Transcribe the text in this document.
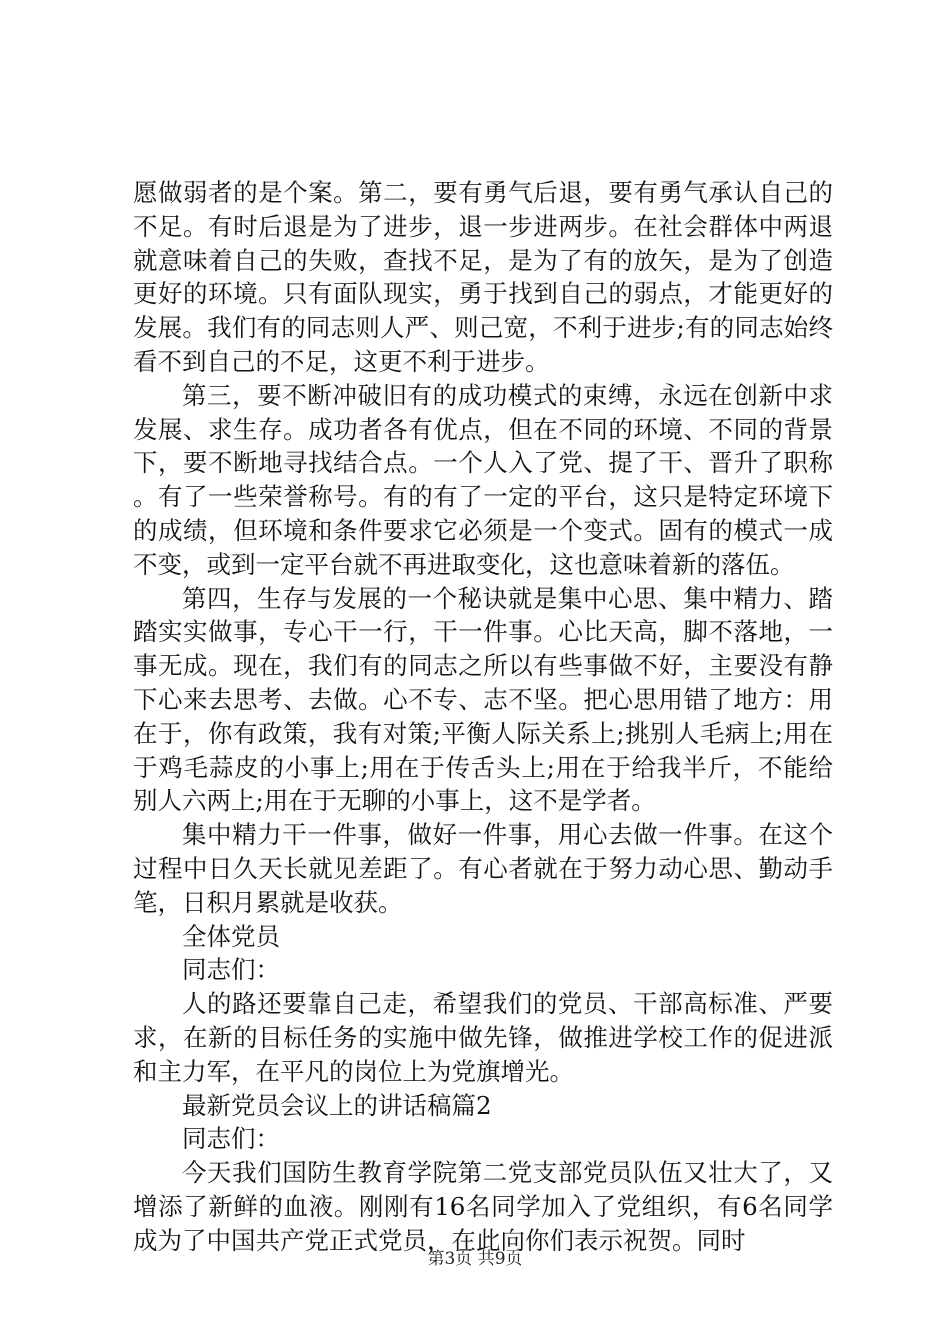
愿做弱者的是个案。第二，要有勇气后退，要有勇气承认自己的不足。有时后退是为了进步，退一步进两步。在社会群体中两退就意味着自己的失败，查找不足，是为了有的放矢，是为了创造更好的环境。只有面队现实，勇于找到自己的弱点，才能更好的发展。我们有的同志则人严、则己宽，不利于进步;有的同志始终看不到自己的不足，这更不利于进步。

第三，要不断冲破旧有的成功模式的束缚，永远在创新中求发展、求生存。成功者各有优点，但在不同的环境、不同的背景下，要不断地寻找结合点。一个人入了党、提了干、晋升了职称。有了一些荣誉称号。有的有了一定的平台，这只是特定环境下的成绩，但环境和条件要求它必须是一个变式。固有的模式一成不变，或到一定平台就不再进取变化，这也意味着新的落伍。

第四，生存与发展的一个秘诀就是集中心思、集中精力、踏踏实实做事，专心干一行，干一件事。心比天高，脚不落地，一事无成。现在，我们有的同志之所以有些事做不好，主要没有静下心来去思考、去做。心不专、志不坚。把心思用错了地方：用在于，你有政策，我有对策;平衡人际关系上;挑别人毛病上;用在于鸡毛蒜皮的小事上;用在于传舌头上;用在于给我半斤，不能给别人六两上;用在于无聊的小事上，这不是学者。

集中精力干一件事，做好一件事，用心去做一件事。在这个过程中日久天长就见差距了。有心者就在于努力动心思、勤动手笔，日积月累就是收获。

全体党员

同志们：

人的路还要靠自己走，希望我们的党员、干部高标准、严要求，在新的目标任务的实施中做先锋，做推进学校工作的促进派和主力军，在平凡的岗位上为党旗增光。

最新党员会议上的讲话稿篇2

同志们：

今天我们国防生教育学院第二党支部党员队伍又壮大了，又增添了新鲜的血液。刚刚有16名同学加入了党组织，有6名同学成为了中国共产党正式党员，在此向你们表示祝贺。同时

第3页 共9页
